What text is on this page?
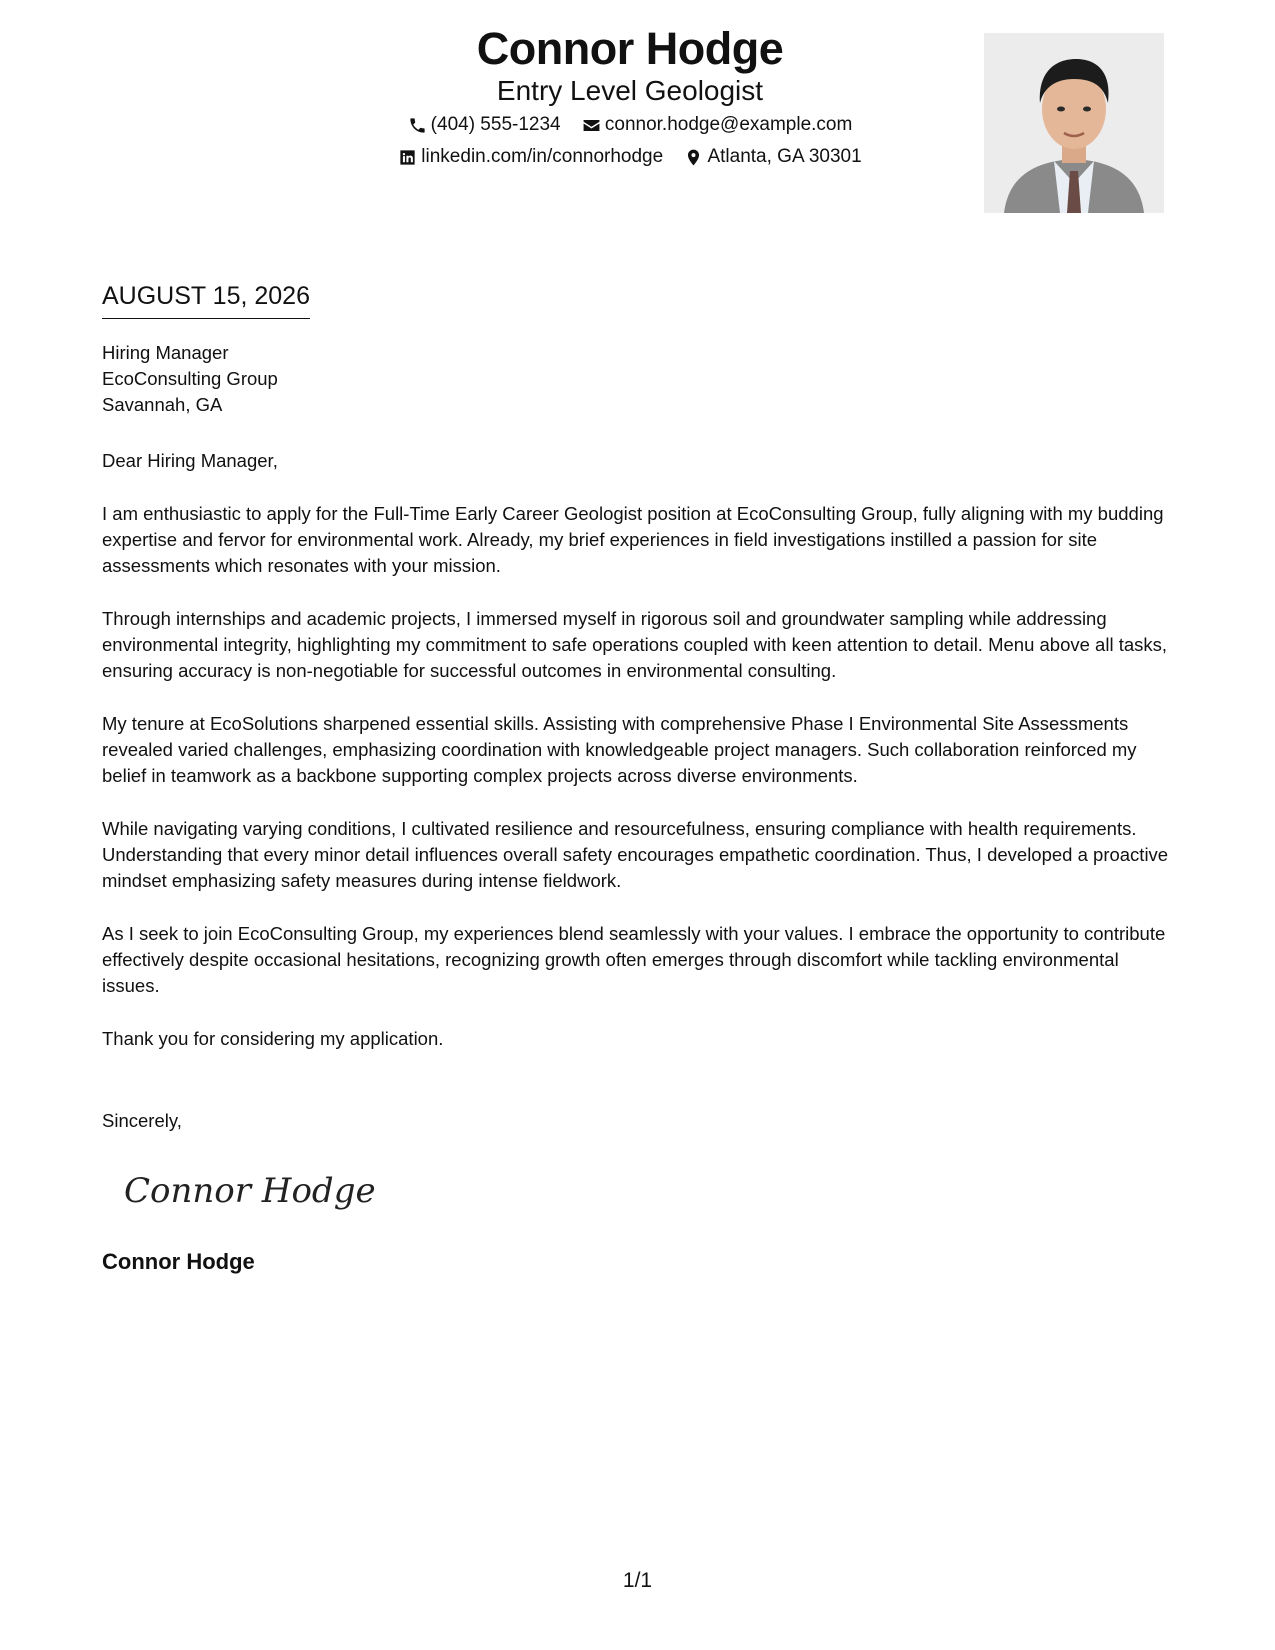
Connor Hodge
Entry Level Geologist
(404) 555-1234
connor.hodge@example.com
linkedin.com/in/connorhodge
Atlanta, GA 30301
AUGUST 15, 2026
Hiring Manager
EcoConsulting Group
Savannah, GA

Dear Hiring Manager,

I am enthusiastic to apply for the Full-Time Early Career Geologist position at EcoConsulting Group, fully aligning with my budding expertise and fervor for environmental work. Already, my brief experiences in field investigations instilled a passion for site assessments which resonates with your mission.

Through internships and academic projects, I immersed myself in rigorous soil and groundwater sampling while addressing environmental integrity, highlighting my commitment to safe operations coupled with keen attention to detail. Menu above all tasks, ensuring accuracy is non-negotiable for successful outcomes in environmental consulting.

My tenure at EcoSolutions sharpened essential skills. Assisting with comprehensive Phase I Environmental Site Assessments revealed varied challenges, emphasizing coordination with knowledgeable project managers. Such collaboration reinforced my belief in teamwork as a backbone supporting complex projects across diverse environments.

While navigating varying conditions, I cultivated resilience and resourcefulness, ensuring compliance with health requirements. Understanding that every minor detail influences overall safety encourages empathetic coordination. Thus, I developed a proactive mindset emphasizing safety measures during intense fieldwork.

As I seek to join EcoConsulting Group, my experiences blend seamlessly with your values. I embrace the opportunity to contribute effectively despite occasional hesitations, recognizing growth often emerges through discomfort while tackling environmental issues.

Thank you for considering my application.

Sincerely,
Connor Hodge
Connor Hodge
1/1
